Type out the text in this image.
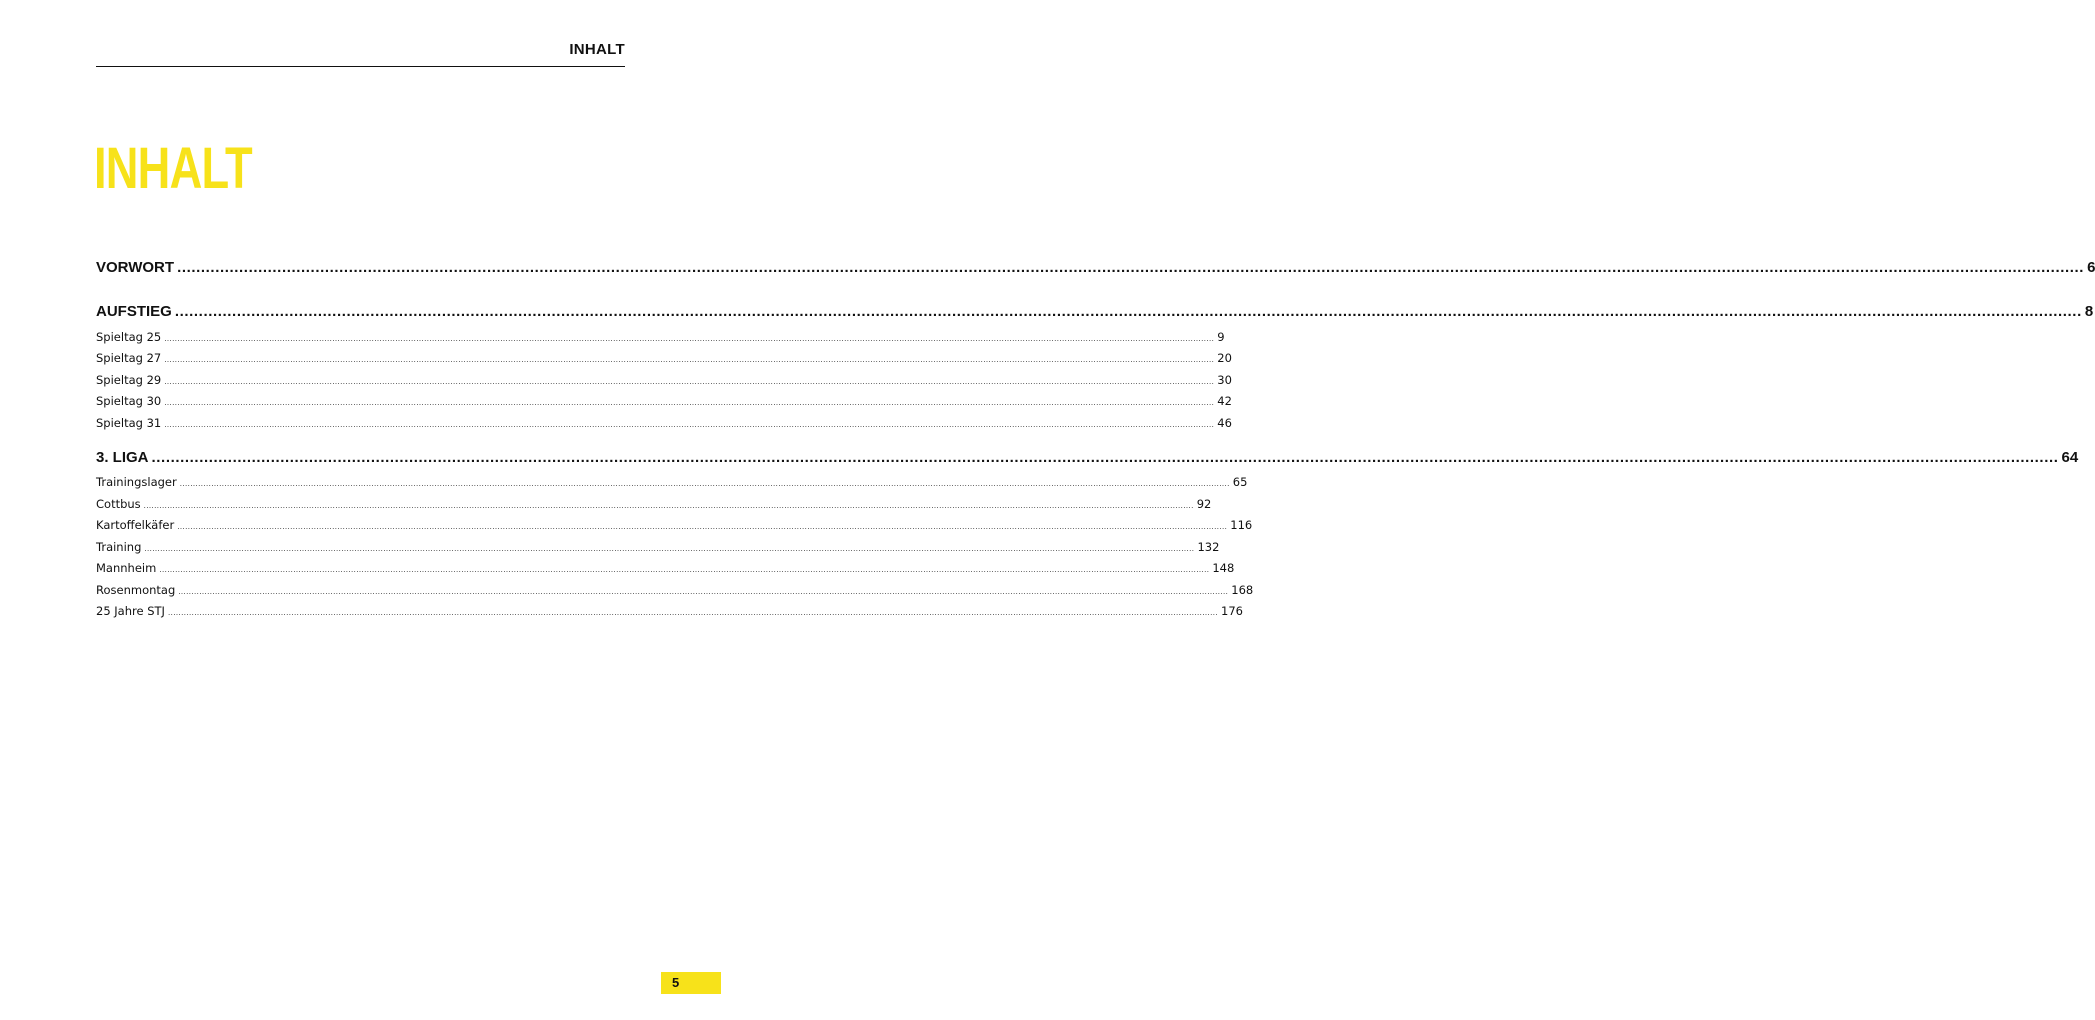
INHALT
INHALT
VORWORT ................................................................................................................................................................................................................................................................................................................................................................................................................ 6
AUFSTIEG ................................................................................................................................................................................................................................................................................................................................................................................................................ 8
Spieltag 25 ................................................................................................................................................................................................................................................................................................................................................................................................................ 9
Spieltag 27 ................................................................................................................................................................................................................................................................................................................................................................................................................ 20
Spieltag 29 ................................................................................................................................................................................................................................................................................................................................................................................................................ 30
Spieltag 30 ................................................................................................................................................................................................................................................................................................................................................................................................................ 42
Spieltag 31 ................................................................................................................................................................................................................................................................................................................................................................................................................ 46
3. LIGA ................................................................................................................................................................................................................................................................................................................................................................................................................ 64
Trainingslager ................................................................................................................................................................................................................................................................................................................................................................................................................ 65
Cottbus ................................................................................................................................................................................................................................................................................................................................................................................................................ 92
Kartoffelkäfer ................................................................................................................................................................................................................................................................................................................................................................................................................ 116
Training ................................................................................................................................................................................................................................................................................................................................................................................................................ 132
Mannheim ................................................................................................................................................................................................................................................................................................................................................................................................................ 148
Rosenmontag ................................................................................................................................................................................................................................................................................................................................................................................................................ 168
25 Jahre STJ ................................................................................................................................................................................................................................................................................................................................................................................................................ 176
5
